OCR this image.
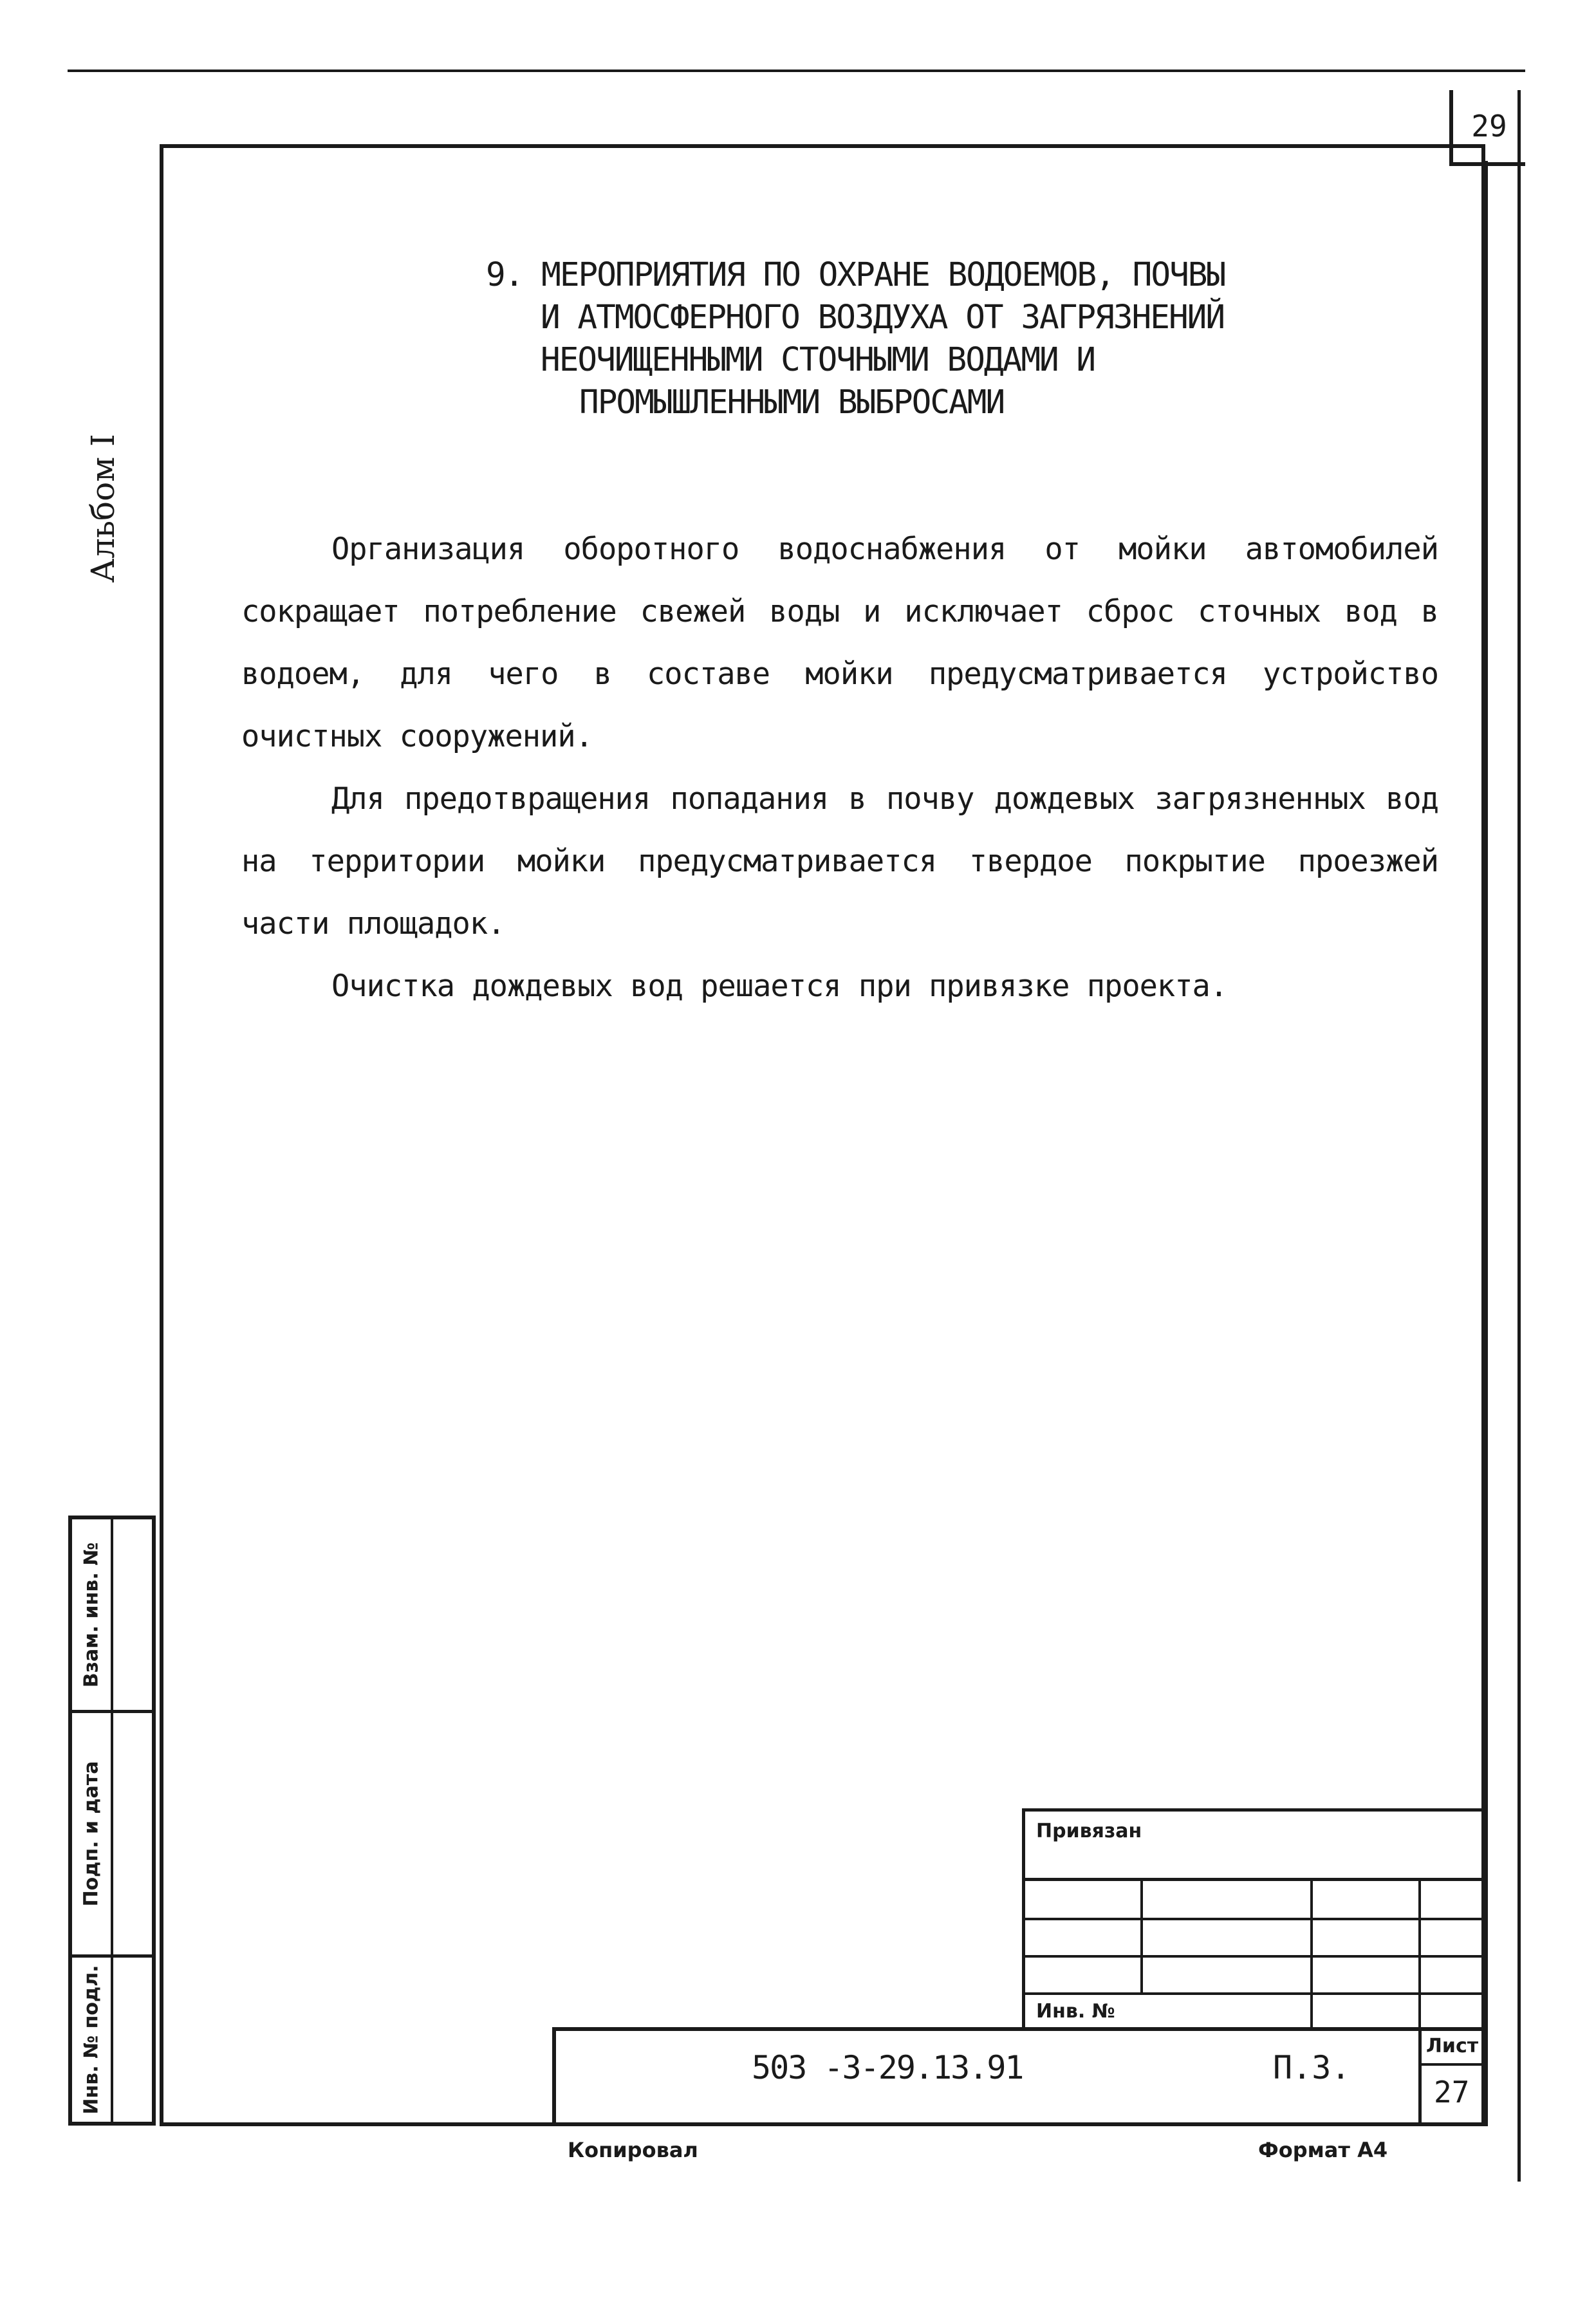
29
Альбом I
9. МЕРОПРИЯТИЯ ПО ОХРАНЕ ВОДОЕМОВ, ПОЧВЫ
И АТМОСФЕРНОГО ВОЗДУХА ОТ ЗАГРЯЗНЕНИЙ
НЕОЧИЩЕННЫМИ СТОЧНЫМИ ВОДАМИ И
ПРОМЫШЛЕННЫМИ ВЫБРОСАМИ
Организация оборотного водоснабжения от мойки автомобилей сокращает потребление свежей воды и исключает сброс сточных вод в водоем, для чего в составе мойки предусматривается устройство очистных сооружений.
Для предотвращения попадания в почву дождевых загрязненных вод на территории мойки предусматривается твердое покрытие проезжей части площадок.
Очистка дождевых вод решается при привязке проекта.
Взам. инв. №
Подп. и дата
Инв. № подл.
Привязан
Инв. №
503 -3-29.13.91	П.3.
Лист
27
Копировал	Формат А4
